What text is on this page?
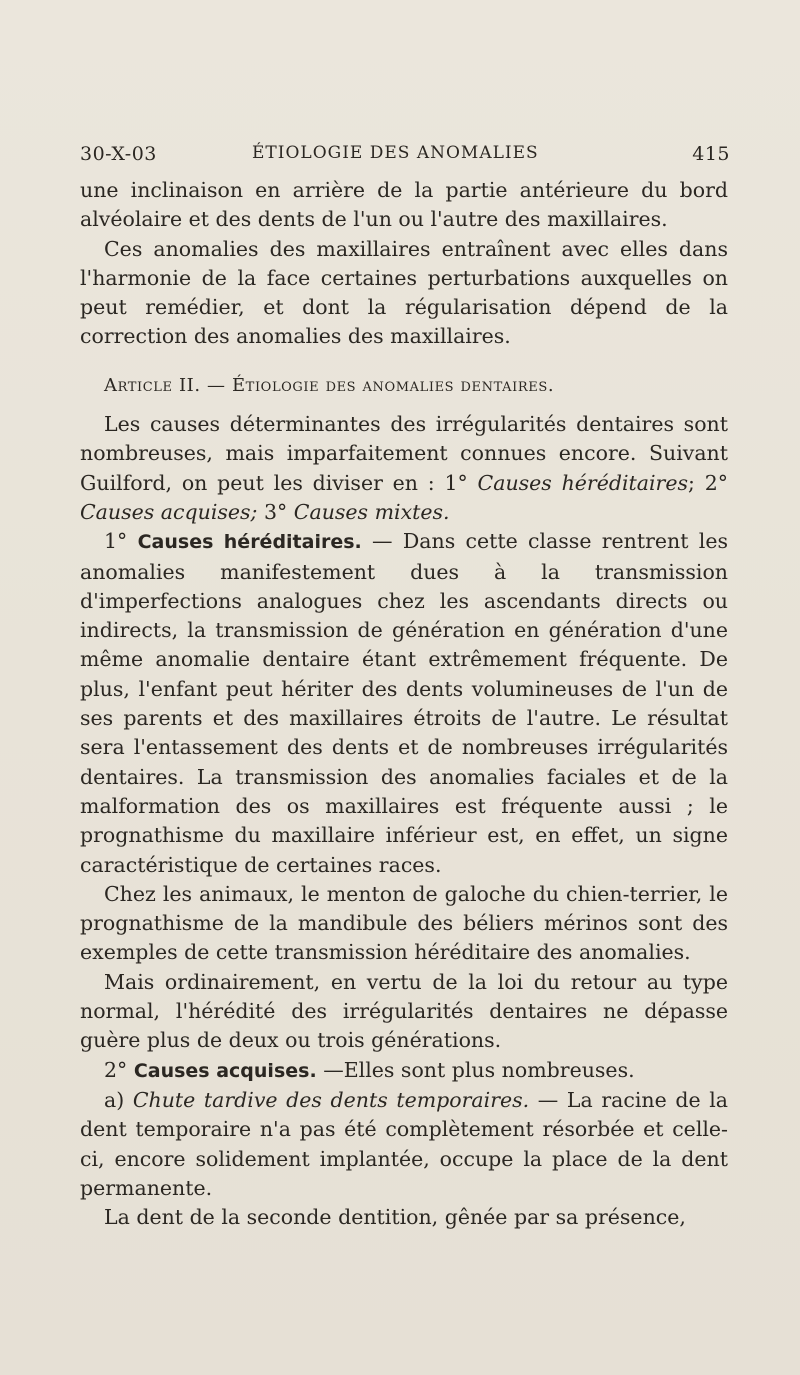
30-X-03	ÉTIOLOGIE DES ANOMALIES	415

une inclinaison en arrière de la partie antérieure du bord alvéolaire et des dents de l'un ou l'autre des maxillaires.

Ces anomalies des maxillaires entraînent avec elles dans l'harmonie de la face certaines perturbations auxquelles on peut remédier, et dont la régularisation dépend de la correction des anomalies des maxillaires.

Article II. — Étiologie des anomalies dentaires.

Les causes déterminantes des irrégularités dentaires sont nombreuses, mais imparfaitement connues encore. Suivant Guilford, on peut les diviser en : 1° Causes héréditaires; 2° Causes acquises; 3° Causes mixtes.

1° Causes héréditaires. — Dans cette classe rentrent les anomalies manifestement dues à la transmission d'imperfections analogues chez les ascendants directs ou indirects, la transmission de génération en génération d'une même anomalie dentaire étant extrêmement fréquente. De plus, l'enfant peut hériter des dents volumineuses de l'un de ses parents et des maxillaires étroits de l'autre. Le résultat sera l'entassement des dents et de nombreuses irrégularités dentaires. La transmission des anomalies faciales et de la malformation des os maxillaires est fréquente aussi ; le prognathisme du maxillaire inférieur est, en effet, un signe caractéristique de certaines races.

Chez les animaux, le menton de galoche du chien-terrier, le prognathisme de la mandibule des béliers mérinos sont des exemples de cette transmission héréditaire des anomalies.

Mais ordinairement, en vertu de la loi du retour au type normal, l'hérédité des irrégularités dentaires ne dépasse guère plus de deux ou trois générations.

2° Causes acquises. —Elles sont plus nombreuses.

a) Chute tardive des dents temporaires. — La racine de la dent temporaire n'a pas été complètement résorbée et celle-ci, encore solidement implantée, occupe la place de la dent permanente.

La dent de la seconde dentition, gênée par sa présence,
